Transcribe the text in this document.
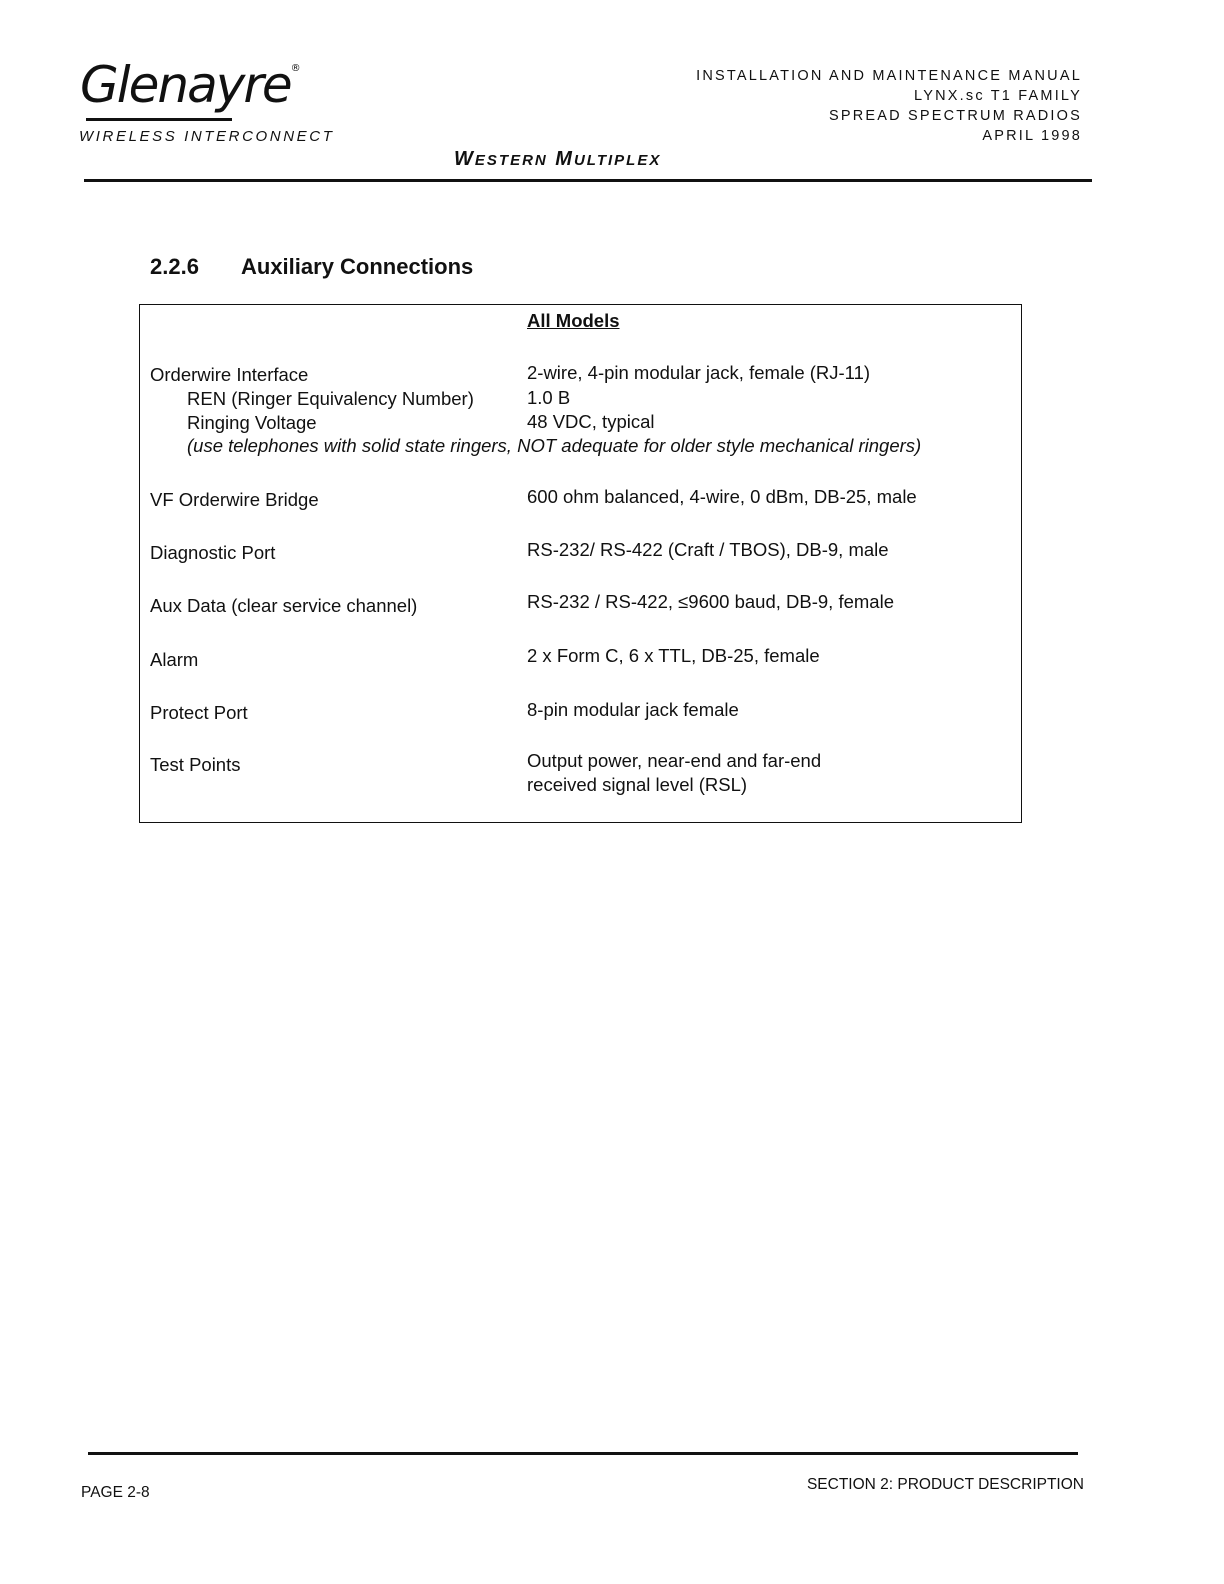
Glenayre®
WIRELESS INTERCONNECT
INSTALLATION AND MAINTENANCE MANUAL
LYNX.sc T1 FAMILY
SPREAD SPECTRUM RADIOS
APRIL 1998
WESTERN MULTIPLEX
2.2.6 Auxiliary Connections
All Models
Orderwire Interface	2-wire, 4-pin modular jack, female (RJ-11)
REN (Ringer Equivalency Number)	1.0 B
Ringing Voltage	48 VDC, typical
(use telephones with solid state ringers, NOT adequate for older style mechanical ringers)
VF Orderwire Bridge	600 ohm balanced, 4-wire, 0 dBm, DB-25, male
Diagnostic Port	RS-232/ RS-422 (Craft / TBOS), DB-9, male
Aux Data (clear service channel)	RS-232 / RS-422, ≤9600 baud, DB-9, female
Alarm	2 x Form C, 6 x TTL, DB-25, female
Protect Port	8-pin modular jack female
Test Points	Output power, near-end and far-end
received signal level (RSL)
PAGE 2-8	SECTION 2: PRODUCT DESCRIPTION
